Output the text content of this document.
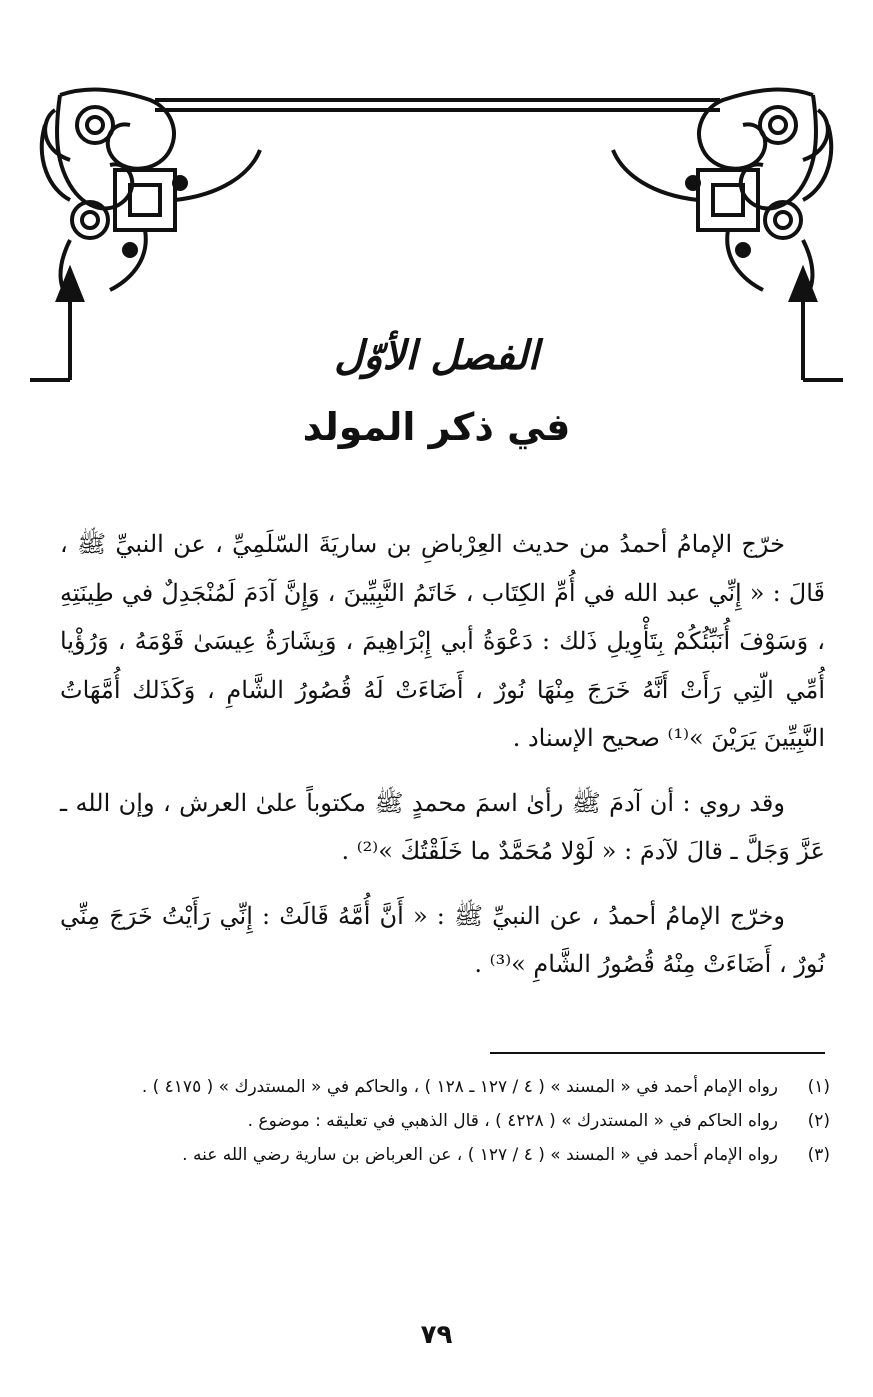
الفصل الأوّل
في ذكر المولد

خرّج الإمامُ أحمدُ من حديث العِرْباضِ بن ساريَةَ السّلَمِيِّ ، عن النبيِّ ﷺ ، قَالَ : « إِنِّي عبد الله في أُمِّ الكِتَاب ، خَاتَمُ النَّبِيِّينَ ، وَإِنَّ آدَمَ لَمُنْجَدِلٌ في طِينَتِهِ ، وَسَوْفَ أُنَبِّئُكُمْ بِتَأْوِيلِ ذَلك : دَعْوَةُ أبي إِبْرَاهِيمَ ، وَبِشَارَةُ عِيسَىٰ قَوْمَهُ ، وَرُؤْيا أُمِّي الّتِي رَأَتْ أَنَّهُ خَرَجَ مِنْهَا نُورٌ ، أَضَاءَتْ لَهُ قُصُورُ الشَّامِ ، وَكَذَلك أُمَّهَاتُ النَّبِيِّينَ يَرَيْنَ »⁽¹⁾ صحيح الإسناد .

وقد روي : أن آدمَ ﷺ رأىٰ اسمَ محمدٍ ﷺ مكتوباً علىٰ العرش ، وإن الله ـ عَزَّ وَجَلَّ ـ قالَ لآدمَ : « لَوْلا مُحَمَّدٌ ما خَلَقْتُكَ »⁽²⁾ .

وخرّج الإمامُ أحمدُ ، عن النبيِّ ﷺ : « أَنَّ أُمَّهُ قَالَتْ : إِنِّي رَأَيْتُ خَرَجَ مِنِّي نُورٌ ، أَضَاءَتْ مِنْهُ قُصُورُ الشَّامِ »⁽³⁾ .

(١)
رواه الإمام أحمد في « المسند » ( ٤ / ١٢٧ ـ ١٢٨ ) ، والحاكم في « المستدرك » ( ٤١٧٥ ) .
(٢)
رواه الحاكم في « المستدرك » ( ٤٢٢٨ ) ، قال الذهبي في تعليقه : موضوع .
(٣)
رواه الإمام أحمد في « المسند » ( ٤ / ١٢٧ ) ، عن العرباض بن سارية رضي الله عنه .
٧٩
